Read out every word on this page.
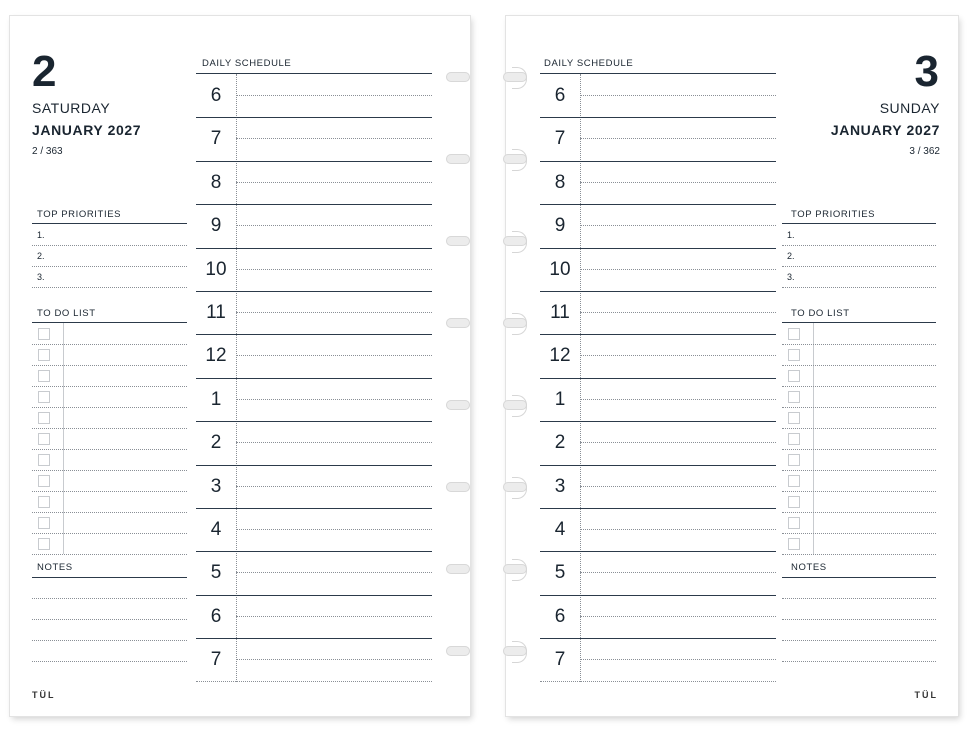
2
SATURDAY
JANUARY 2027
2 / 363
TOP PRIORITIES
1.
2.
3.
TO DO LIST
NOTES
DAILY SCHEDULE
6
7
8
9
10
11
12
1
2
3
4
5
6
7
TÜL
3
SUNDAY
JANUARY 2027
3 / 362
TOP PRIORITIES
1.
2.
3.
TO DO LIST
NOTES
DAILY SCHEDULE
6
7
8
9
10
11
12
1
2
3
4
5
6
7
TÜL
